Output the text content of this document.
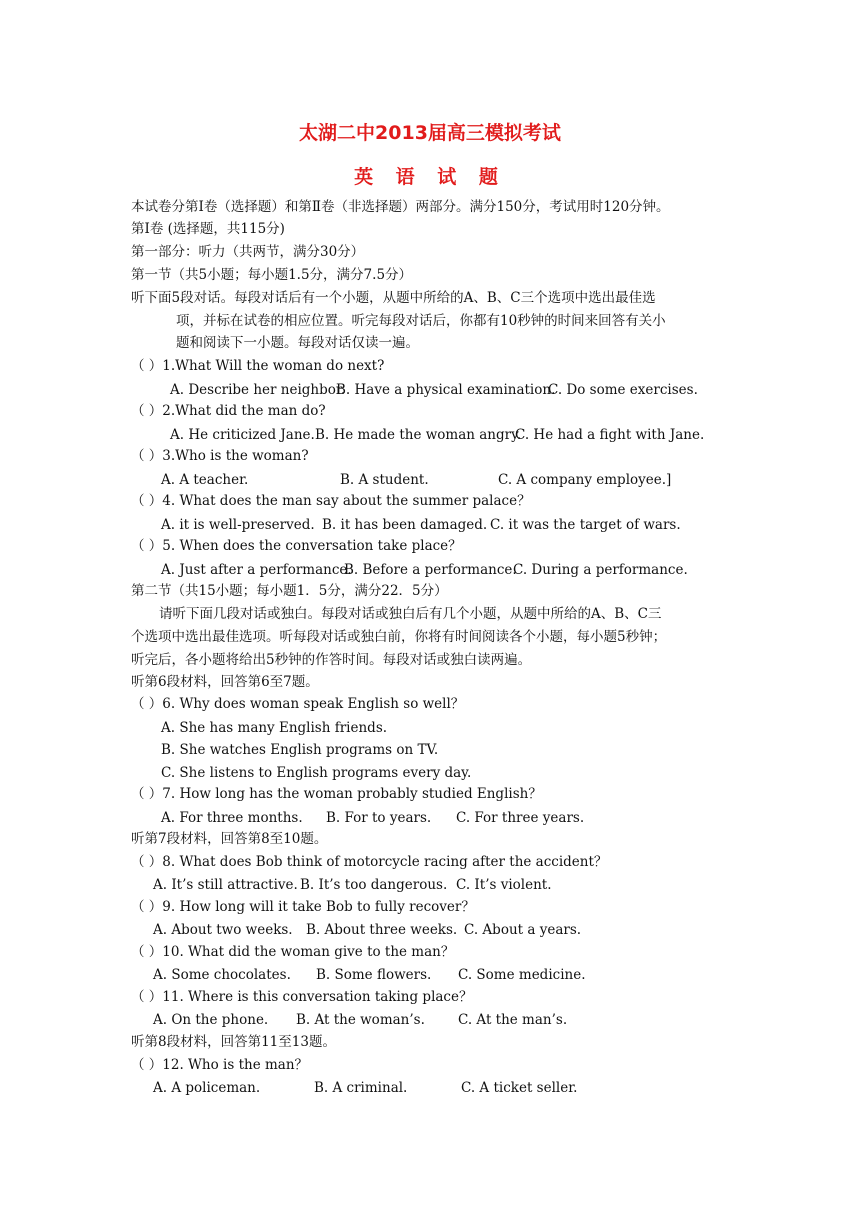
太湖二中2013届高三模拟考试
英 语 试 题
本试卷分第Ⅰ卷（选择题）和第Ⅱ卷（非选择题）两部分。满分150分，考试用时120分钟。
第Ⅰ卷 (选择题，共115分)
第一部分：听力（共两节，满分30分）
第一节（共5小题；每小题1.5分，满分7.5分）
听下面5段对话。每段对话后有一个小题，从题中所给的A、B、C三个选项中选出最佳选
项，并标在试卷的相应位置。听完每段对话后，你都有10秒钟的时间来回答有关小
题和阅读下一小题。每段对话仅读一遍。
（ ）1.What Will the woman do next?
A. Describe her neighbor.
B. Have a physical examination.
C. Do some exercises.
（ ）2.What did the man do?
A. He criticized Jane. B. He made the woman angry.
C. He had a fight with Jane.
（ ）3.Who is the woman?
A. A teacher.	B. A student.	C. A company employee.]
（ ）4. What does the man say about the summer palace？
A. it is well-preserved. B. it has been damaged. C. it was the target of wars.
（ ）5. When does the conversation take place？
A. Just after a performance.
B. Before a performance.
C. During a performance.
第二节（共15小题；每小题1．5分，满分22．5分）
请听下面几段对话或独白。每段对话或独白后有几个小题，从题中所给的A、B、C三
个选项中选出最佳选项。听每段对话或独白前，你将有时间阅读各个小题，每小题5秒钟；
听完后，各小题将给出5秒钟的作答时间。每段对话或独白读两遍。
听第6段材料，回答第6至7题。
（ ）6. Why does woman speak English so well？
A. She has many English friends.
B. She watches English programs on TV.
C. She listens to English programs every day.
（ ）7. How long has the woman probably studied English？
A. For three months. B. For to years. C. For three years.
听第7段材料，回答第8至10题。
（ ）8. What does Bob think of motorcycle racing after the accident？
A. It’s still attractive. B. It’s too dangerous. C. It’s violent.
（ ）9. How long will it take Bob to fully recover？
A. About two weeks. B. About three weeks. C. About a years.
（ ）10. What did the woman give to the man？
A. Some chocolates. B. Some flowers. C. Some medicine.
（ ）11. Where is this conversation taking place？
A. On the phone. B. At the woman’s. C. At the man’s.
听第8段材料，回答第11至13题。
（ ）12. Who is the man？
A. A policeman.	B. A criminal.	C. A ticket seller.
